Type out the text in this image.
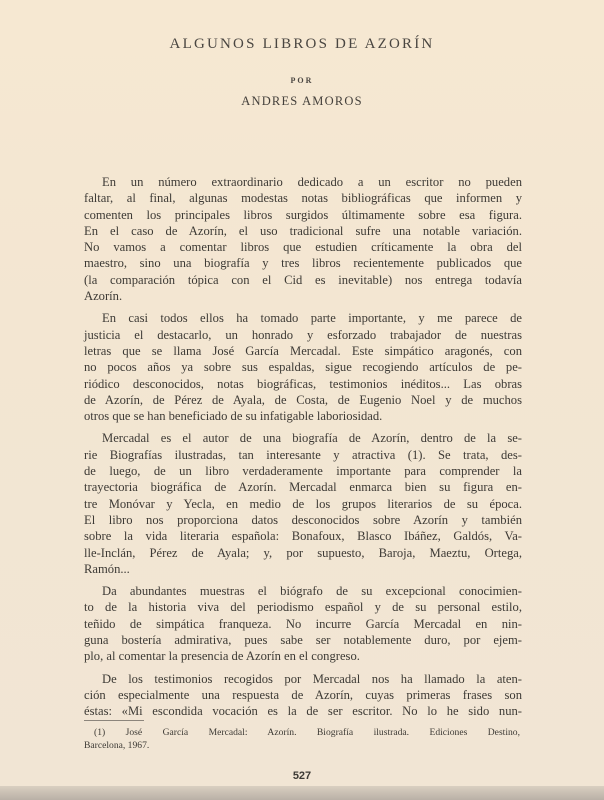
ALGUNOS LIBROS DE AZORÍN
POR
ANDRES AMOROS
En un número extraordinario dedicado a un escritor no pueden
faltar, al final, algunas modestas notas bibliográficas que informen y
comenten los principales libros surgidos últimamente sobre esa figura.
En el caso de Azorín, el uso tradicional sufre una notable variación.
No vamos a comentar libros que estudien críticamente la obra del
maestro, sino una biografía y tres libros recientemente publicados que
(la comparación tópica con el Cid es inevitable) nos entrega todavía
Azorín.
En casi todos ellos ha tomado parte importante, y me parece de
justicia el destacarlo, un honrado y esforzado trabajador de nuestras
letras que se llama José García Mercadal. Este simpático aragonés, con
no pocos años ya sobre sus espaldas, sigue recogiendo artículos de pe-
riódico desconocidos, notas biográficas, testimonios inéditos... Las obras
de Azorín, de Pérez de Ayala, de Costa, de Eugenio Noel y de muchos
otros que se han beneficiado de su infatigable laboriosidad.
Mercadal es el autor de una biografía de Azorín, dentro de la se-
rie Biografías ilustradas, tan interesante y atractiva (1). Se trata, des-
de luego, de un libro verdaderamente importante para comprender la
trayectoria biográfica de Azorín. Mercadal enmarca bien su figura en-
tre Monóvar y Yecla, en medio de los grupos literarios de su época.
El libro nos proporciona datos desconocidos sobre Azorín y también
sobre la vida literaria española: Bonafoux, Blasco Ibáñez, Galdós, Va-
lle-Inclán, Pérez de Ayala; y, por supuesto, Baroja, Maeztu, Ortega,
Ramón...
Da abundantes muestras el biógrafo de su excepcional conocimien-
to de la historia viva del periodismo español y de su personal estilo,
teñido de simpática franqueza. No incurre García Mercadal en nin-
guna bostería admirativa, pues sabe ser notablemente duro, por ejem-
plo, al comentar la presencia de Azorín en el congreso.
De los testimonios recogidos por Mercadal nos ha llamado la aten-
ción especialmente una respuesta de Azorín, cuyas primeras frases son
éstas: «Mi escondida vocación es la de ser escritor. No lo he sido nun-
(1) José García Mercadal: Azorín. Biografía ilustrada. Ediciones Destino,
Barcelona, 1967.
527
